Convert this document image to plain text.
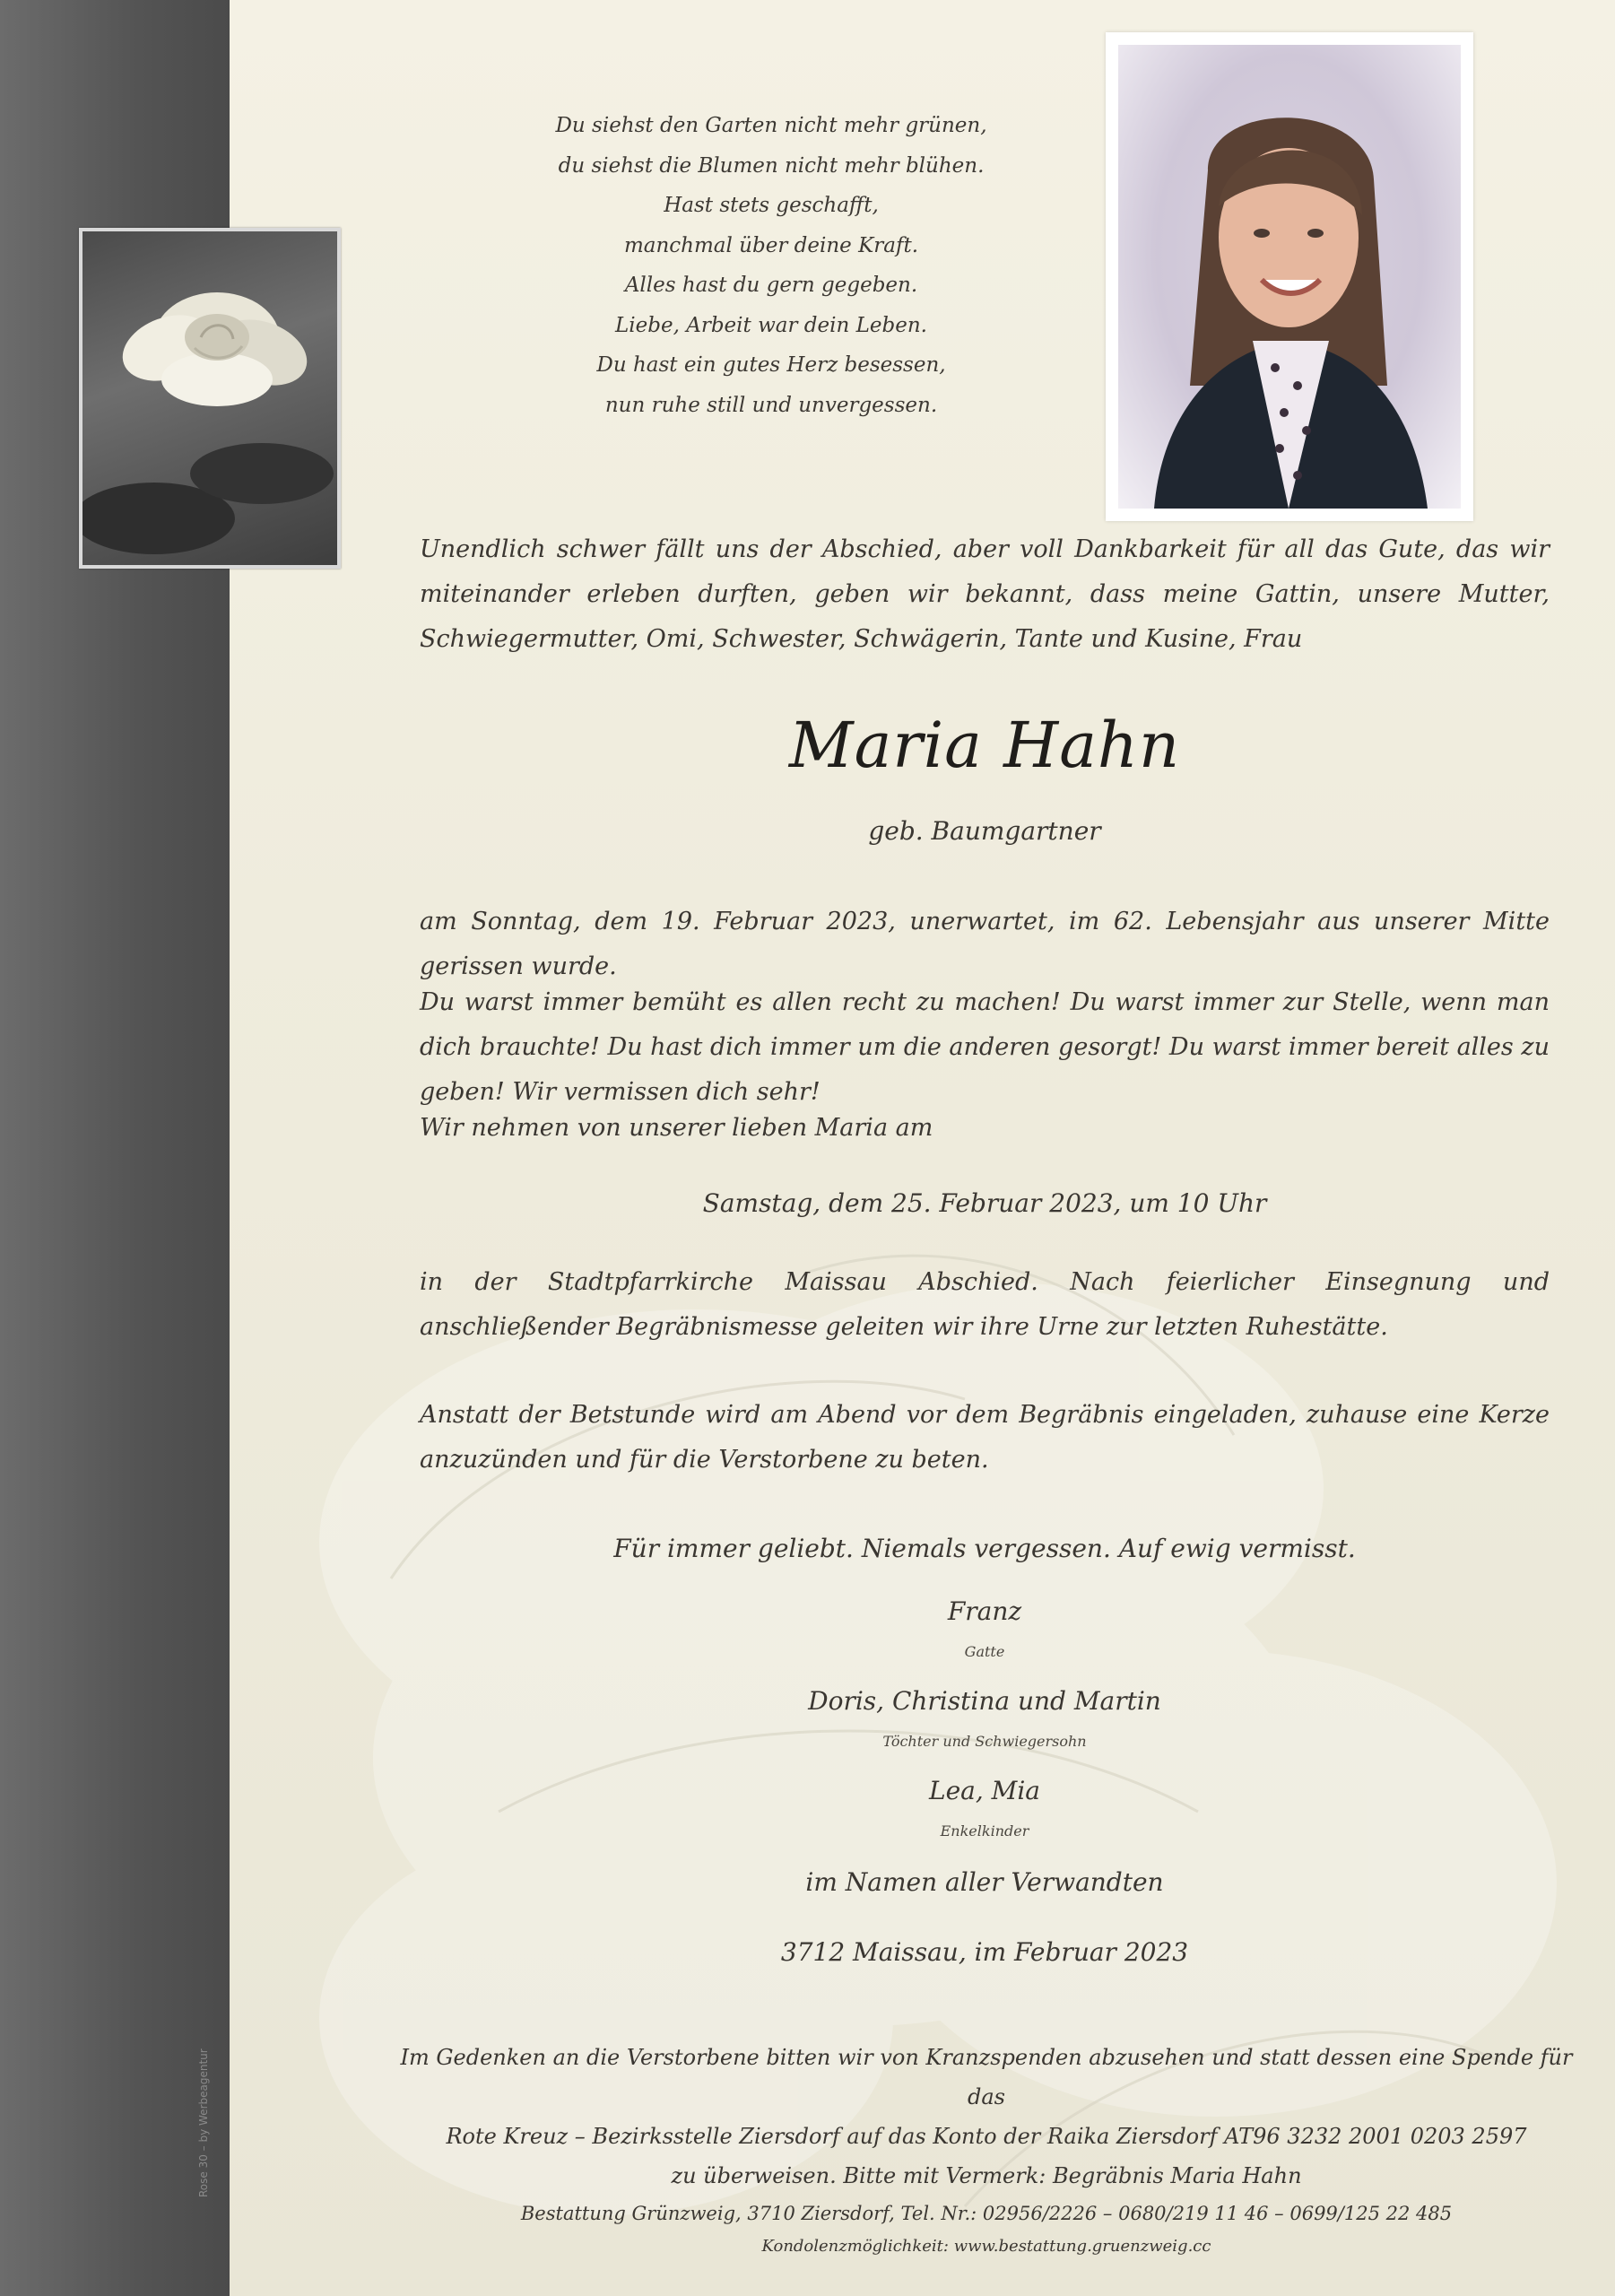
Rose 30 – by Werbeagentur
Du siehst den Garten nicht mehr grünen,
du siehst die Blumen nicht mehr blühen.
Hast stets geschafft,
manchmal über deine Kraft.
Alles hast du gern gegeben.
Liebe, Arbeit war dein Leben.
Du hast ein gutes Herz besessen,
nun ruhe still und unvergessen.
Unendlich schwer fällt uns der Abschied, aber voll Dankbarkeit für all das Gute, das wir miteinander erleben durften, geben wir bekannt, dass meine Gattin, unsere Mutter, Schwiegermutter, Omi, Schwester, Schwägerin, Tante und Kusine, Frau
Maria Hahn
geb. Baumgartner
am Sonntag, dem 19. Februar 2023, unerwartet, im 62. Lebensjahr aus unserer Mitte gerissen wurde.
Du warst immer bemüht es allen recht zu machen! Du warst immer zur Stelle, wenn man dich brauchte! Du hast dich immer um die anderen gesorgt! Du warst immer bereit alles zu geben! Wir vermissen dich sehr!
Wir nehmen von unserer lieben Maria am
Samstag, dem 25. Februar 2023, um 10 Uhr
in der Stadtpfarrkirche Maissau Abschied. Nach feierlicher Einsegnung und anschließender Begräbnismesse geleiten wir ihre Urne zur letzten Ruhestätte.
Anstatt der Betstunde wird am Abend vor dem Begräbnis eingeladen, zuhause eine Kerze anzuzünden und für die Verstorbene zu beten.
Für immer geliebt. Niemals vergessen. Auf ewig vermisst.
Franz
Gatte
Doris, Christina und Martin
Töchter und Schwiegersohn
Lea, Mia
Enkelkinder
im Namen aller Verwandten
3712 Maissau, im Februar 2023
Im Gedenken an die Verstorbene bitten wir von Kranzspenden abzusehen und statt dessen eine Spende für das
Rote Kreuz – Bezirksstelle Ziersdorf auf das Konto der Raika Ziersdorf AT96 3232 2001 0203 2597
zu überweisen. Bitte mit Vermerk: Begräbnis Maria Hahn
Bestattung Grünzweig, 3710 Ziersdorf, Tel. Nr.: 02956/2226 – 0680/219 11 46 – 0699/125 22 485
Kondolenzmöglichkeit: www.bestattung.gruenzweig.cc
